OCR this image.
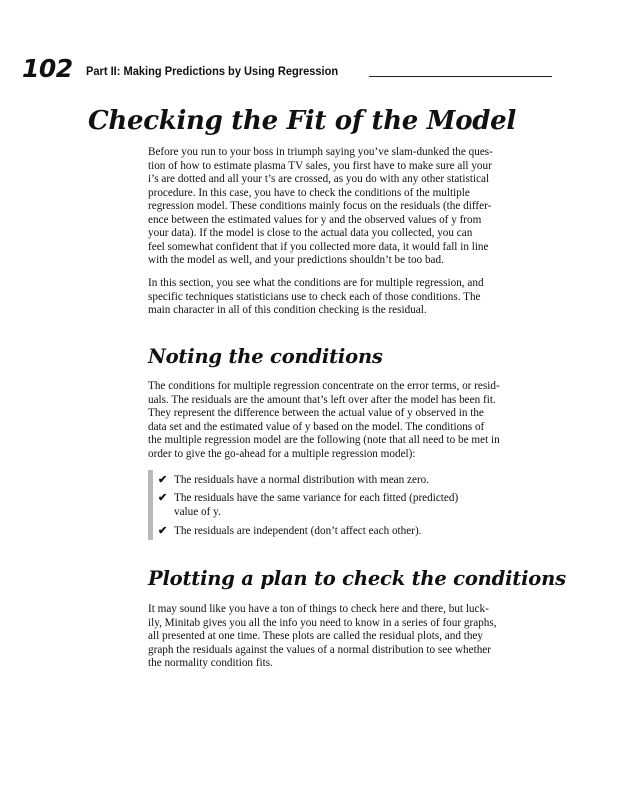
102 Part II: Making Predictions by Using Regression
Checking the Fit of the Model
Before you run to your boss in triumph saying you’ve slam-dunked the ques-
tion of how to estimate plasma TV sales, you first have to make sure all your
i’s are dotted and all your t’s are crossed, as you do with any other statistical
procedure. In this case, you have to check the conditions of the multiple
regression model. These conditions mainly focus on the residuals (the differ-
ence between the estimated values for y and the observed values of y from
your data). If the model is close to the actual data you collected, you can
feel somewhat confident that if you collected more data, it would fall in line
with the model as well, and your predictions shouldn’t be too bad.
In this section, you see what the conditions are for multiple regression, and
specific techniques statisticians use to check each of those conditions. The
main character in all of this condition checking is the residual.
Noting the conditions
The conditions for multiple regression concentrate on the error terms, or resid-
uals. The residuals are the amount that’s left over after the model has been fit.
They represent the difference between the actual value of y observed in the
data set and the estimated value of y based on the model. The conditions of
the multiple regression model are the following (note that all need to be met in
order to give the go-ahead for a multiple regression model):
✔ The residuals have a normal distribution with mean zero.
✔ The residuals have the same variance for each fitted (predicted)
value of y.
✔ The residuals are independent (don’t affect each other).
Plotting a plan to check the conditions
It may sound like you have a ton of things to check here and there, but luck-
ily, Minitab gives you all the info you need to know in a series of four graphs,
all presented at one time. These plots are called the residual plots, and they
graph the residuals against the values of a normal distribution to see whether
the normality condition fits.
